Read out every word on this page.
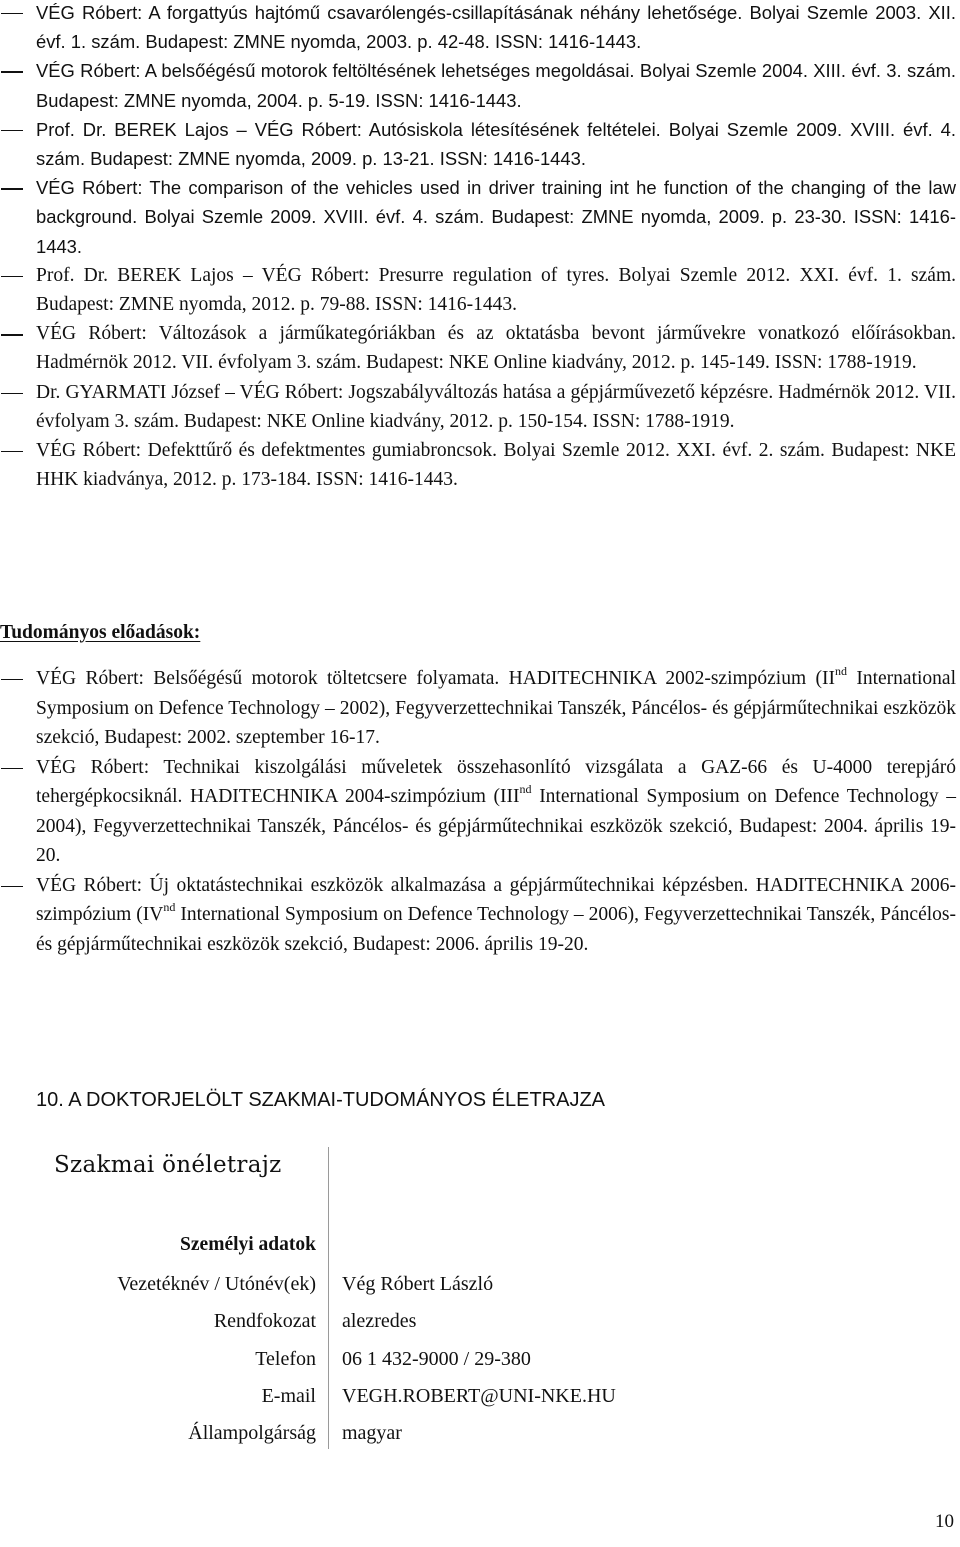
VÉG Róbert: A forgattyús hajtómű csavarólengés-csillapításának néhány lehetősége. Bolyai Szemle 2003. XII. évf. 1. szám. Budapest: ZMNE nyomda, 2003. p. 42-48. ISSN: 1416-1443.
VÉG Róbert: A belsőégésű motorok feltöltésének lehetséges megoldásai. Bolyai Szemle 2004. XIII. évf. 3. szám. Budapest: ZMNE nyomda, 2004. p. 5-19. ISSN: 1416-1443.
Prof. Dr. BEREK Lajos – VÉG Róbert: Autósiskola létesítésének feltételei. Bolyai Szemle 2009. XVIII. évf. 4. szám. Budapest: ZMNE nyomda, 2009. p. 13-21. ISSN: 1416-1443.
VÉG Róbert: The comparison of the vehicles used in driver training int he function of the changing of the law background. Bolyai Szemle 2009. XVIII. évf. 4. szám. Budapest: ZMNE nyomda, 2009. p. 23-30. ISSN: 1416-1443.
Prof. Dr. BEREK Lajos – VÉG Róbert: Presurre regulation of tyres. Bolyai Szemle 2012. XXI. évf. 1. szám. Budapest: ZMNE nyomda, 2012. p. 79-88. ISSN: 1416-1443.
VÉG Róbert: Változások a járműkategóriákban és az oktatásba bevont járművekre vonatkozó előírásokban. Hadmérnök 2012. VII. évfolyam 3. szám. Budapest: NKE Online kiadvány, 2012. p. 145-149. ISSN: 1788-1919.
Dr. GYARMATI József – VÉG Róbert: Jogszabályváltozás hatása a gépjárművezető képzésre. Hadmérnök 2012. VII. évfolyam 3. szám. Budapest: NKE Online kiadvány, 2012. p. 150-154. ISSN: 1788-1919.
VÉG Róbert: Defekttűrő és defektmentes gumiabroncsok. Bolyai Szemle 2012. XXI. évf. 2. szám. Budapest: NKE HHK kiadványa, 2012. p. 173-184. ISSN: 1416-1443.
Tudományos előadások:
VÉG Róbert: Belsőégésű motorok töltetcsere folyamata. HADITECHNIKA 2002-szimpózium (IInd International Symposium on Defence Technology – 2002), Fegyverzettechnikai Tanszék, Páncélos- és gépjárműtechnikai eszközök szekció, Budapest: 2002. szeptember 16-17.
VÉG Róbert: Technikai kiszolgálási műveletek összehasonlító vizsgálata a GAZ-66 és U-4000 terepjáró tehergépkocsiknál. HADITECHNIKA 2004-szimpózium (IIInd International Symposium on Defence Technology – 2004), Fegyverzettechnikai Tanszék, Páncélos- és gépjárműtechnikai eszközök szekció, Budapest: 2004. április 19-20.
VÉG Róbert: Új oktatástechnikai eszközök alkalmazása a gépjárműtechnikai képzésben. HADITECHNIKA 2006-szimpózium (IVnd International Symposium on Defence Technology – 2006), Fegyverzettechnikai Tanszék, Páncélos- és gépjárműtechnikai eszközök szekció, Budapest: 2006. április 19-20.
10. A DOKTORJELÖLT SZAKMAI-TUDOMÁNYOS ÉLETRAJZA
Szakmai önéletrajz
Személyi adatok
Vezetéknév / Utónév(ek) Vég Róbert László
Rendfokozat alezredes
Telefon 06 1 432-9000 / 29-380
E-mail VEGH.ROBERT@UNI-NKE.HU
Állampolgárság magyar
10
